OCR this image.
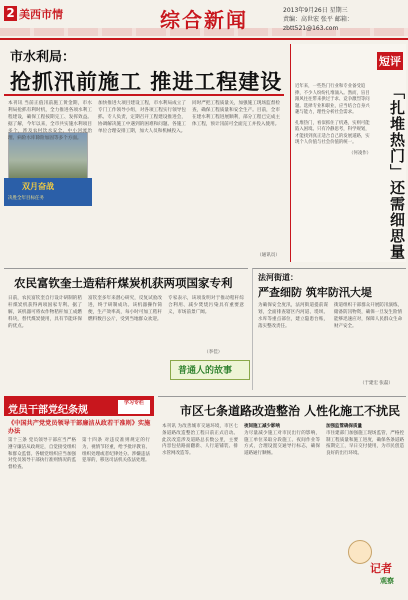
2 美西市情	综合新闻	2013年9月26日 星期三
责编：高世宏 张平 邮箱：zbtt521@163.com
市水利局：
抢抓汛前施工 推进工程建设
双月奋战
决胜全年目标任务
本刊讯 当前正值汛前施工黄金期，市水利局抢抓有利时机，全力推进各项水利工程建设，确保工程按期完工、发挥效益。据了解，今年以来，全市共实施水利项目多个，涉及农村饮水安全、中小河流治理、病险水库除险加固等多个方面。
加快推进大项目建设工程，市水利局成立了专门工作领导小组，对各项工程实行领导包抓、专人负责，定期召开工程建设推进会，协调解决施工中遇到的困难和问题。各施工单位合理安排工期，加大人员和机械投入。
同时严把工程质量关，加强施工现场监督检查，确保工程质量和安全生产。目前，全市在建水利工程进展顺利，部分工程已完成主体工程，预计汛前可全面完工并投入使用。
（通讯员）
短评
近年来，一些热门行业和专业备受追捧，不少人纷纷扎堆涌入。然而，盲目跟风往往带来供过于求、竞争激烈等问题。选择专业和职业，应当结合自身兴趣与能力，理性分析社会需求。
扎堆热门，看似抓住了机遇，实则可能陷入困境。只有冷静思考，科学规划，才能找到真正适合自己的发展道路，实现个人价值与社会价值的统一。
（何凌作）	「扎堆热门」还需细思量
农民富钦奎土造秸秆煤炭机获两项国家专利
日前，农民富钦奎自行设计研制的秸秆煤炭机获得两项国家专利。据了解，该机器可将农作物秸秆加工成燃料块，替代煤炭使用，具有节能环保的优点。
富钦奎多年来潜心研究，反复试验改进，终于研制成功。该机器操作简便，生产效率高，每小时可加工秸秆燃料数百公斤，受到当地群众欢迎。
专家表示，该项发明对于推动秸秆综合利用、减少焚烧污染具有重要意义，市场前景广阔。
（李佳）
普通人的故事
法河街道：
严查细防 筑牢防汛大堤
为确保安全度汛，法河街道提前谋划，全面排查辖区内河道、堤坝、水库等重点部位，建立隐患台账，落实整改责任。
街道组织干部群众开展防汛演练，储备防汛物资，确保一旦发生险情能够迅速应对，保障人民群众生命财产安全。
（于建宏 张磊）
党员干部党纪条规
学习专栏
《中国共产党党员领导干部廉洁从政若干准则》实施办法
第十三条 党员领导干部应当严格遵守廉洁从政规定，自觉接受组织和群众监督。各级党组织应当加强对党员领导干部执行准则情况的监督检查。
第十四条 对违反准则规定的行为，视情节轻重，给予批评教育、组织处理或者纪律处分。涉嫌违法犯罪的，移送司法机关依法处理。
市区七条道路改造整治 人性化施工不扰民
本刊讯 为改善城市交通环境，市区七条道路改造整治工程日前正式启动。此次改造涉及道路总长数公里，主要内容包括路面翻新、人行道铺装、排水管网改造等。
夜间施工减少影响
为尽量减少施工对市民出行的影响，施工单位采取分段施工、夜间作业等方式，合理设置交通导行标志，确保道路通行顺畅。
加强监管确保质量
市住建部门加强施工现场监管，严格控制工程质量和施工进度，确保各条道路按期完工，早日交付使用，为市民创造良好的出行环境。
记者
观察
